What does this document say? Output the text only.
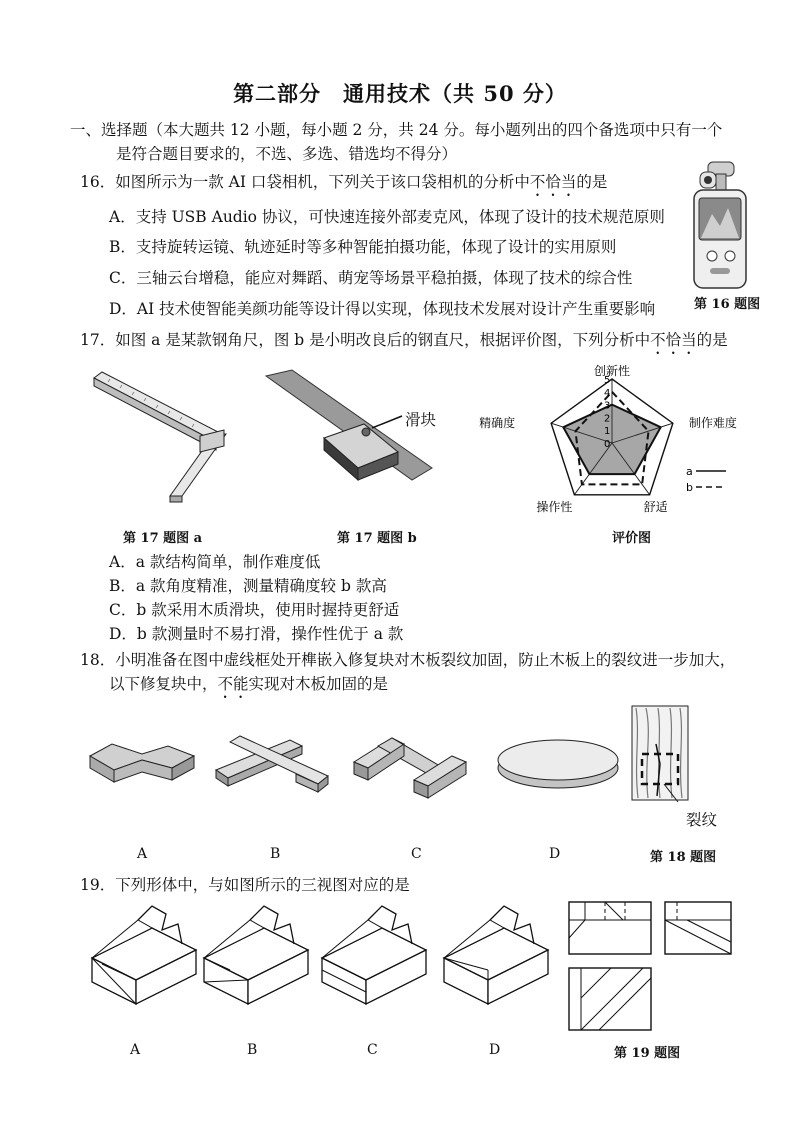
第二部分　通用技术（共 50 分）
一、选择题（本大题共 12 小题，每小题 2 分，共 24 分。每小题列出的四个备选项中只有一个
是符合题目要求的，不选、多选、错选均不得分）
16．如图所示为一款 AI 口袋相机，下列关于该口袋相机的分析中不恰当的是
A．支持 USB Audio 协议，可快速连接外部麦克风，体现了设计的技术规范原则
B．支持旋转运镜、轨迹延时等多种智能拍摄功能，体现了设计的实用原则
C．三轴云台增稳，能应对舞蹈、萌宠等场景平稳拍摄，体现了技术的综合性
D．AI 技术使智能美颜功能等设计得以实现，体现技术发展对设计产生重要影响	第 16 题图
17．如图 a 是某款钢角尺，图 b 是小明改良后的钢直尺，根据评价图，下列分析中不恰当的是
第 17 题图 a
滑块
第 17 题图 b
创新性
制作难度
舒适
操作性
精确度
0
1
2
3
4
5
a
b
评价图
A．a 款结构简单，制作难度低
B．a 款角度精准，测量精确度较 b 款高
C．b 款采用木质滑块，使用时握持更舒适
D．b 款测量时不易打滑，操作性优于 a 款
18．小明准备在图中虚线框处开榫嵌入修复块对木板裂纹加固，防止木板上的裂纹进一步加大，
以下修复块中，不能实现对木板加固的是
裂纹
A	B	C	D	第 18 题图
19．下列形体中，与如图所示的三视图对应的是
A	B	C	D	第 19 题图
